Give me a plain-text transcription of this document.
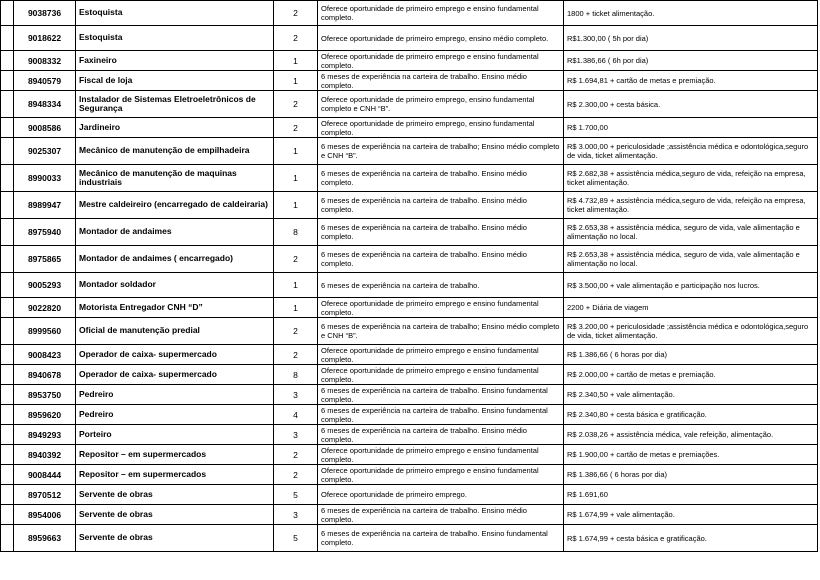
	9038736	Estoquista	2	Oferece oportunidade de primeiro emprego e ensino fundamental completo.	1800 + ticket alimentação.
	9018622	Estoquista	2	Oferece oportunidade de primeiro emprego, ensino médio completo.	R$1.300,00 ( 5h por dia)
	9008332	Faxineiro	1	Oferece oportunidade de primeiro emprego e ensino fundamental completo.	R$1.386,66 ( 6h por dia)
	8940579	Fiscal de loja	1	6 meses de experiência na carteira de trabalho. Ensino médio completo.	R$ 1.694,81 + cartão de metas e premiação.
	8948334	Instalador de Sistemas Eletroeletrônicos de Segurança	2	Oferece oportunidade de primeiro emprego, ensino fundamental completo e CNH “B”.	R$ 2.300,00 + cesta básica.
	9008586	Jardineiro	2	Oferece oportunidade de primeiro emprego, ensino fundamental completo.	R$ 1.700,00
	9025307	Mecânico de manutenção de empilhadeira	1	6 meses de experiência na carteira de trabalho; Ensino médio completo e CNH “B”.	R$ 3.000,00 + periculosidade ;assistência médica e odontológica,seguro de vida, ticket alimentação.
	8990033	Mecânico de manutenção de maquinas industriais	1	6 meses de experiência na carteira de trabalho. Ensino médio completo.	R$ 2.682,38 + assistência médica,seguro de vida, refeição na empresa, ticket alimentação.
	8989947	Mestre caldeireiro (encarregado de caldeiraria)	1	6 meses de experiência na carteira de trabalho. Ensino médio completo.	R$ 4.732,89 + assistência médica,seguro de vida, refeição na empresa, ticket alimentação.
	8975940	Montador de andaimes	8	6 meses de experiência na carteira de trabalho. Ensino médio completo.	R$ 2.653,38 + assistência médica, seguro de vida, vale alimentação e alimentação no local.
	8975865	Montador de andaimes ( encarregado)	2	6 meses de experiência na carteira de trabalho. Ensino médio completo.	R$ 2.653,38 + assistência médica, seguro de vida, vale alimentação e alimentação no local.
	9005293	Montador soldador	1	6 meses de experiência na carteira de trabalho.	R$ 3.500,00 + vale alimentação e participação nos lucros.
	9022820	Motorista Entregador CNH “D”	1	Oferece oportunidade de primeiro emprego e ensino fundamental completo.	2200 + Diária de viagem
	8999560	Oficial de manutenção predial	2	6 meses de experiência na carteira de trabalho; Ensino médio completo e CNH “B”.	R$ 3.200,00 + periculosidade ;assistência médica e odontológica,seguro de vida, ticket alimentação.
	9008423	Operador de caixa- supermercado	2	Oferece oportunidade de primeiro emprego e ensino fundamental completo.	R$ 1.386,66 ( 6 horas por dia)
	8940678	Operador de caixa- supermercado	8	Oferece oportunidade de primeiro emprego e ensino fundamental completo.	R$ 2.000,00 + cartão de metas e premiação.
	8953750	Pedreiro	3	6 meses de experiência na carteira de trabalho. Ensino fundamental completo.	R$ 2.340,50 + vale alimentação.
	8959620	Pedreiro	4	6 meses de experiência na carteira de trabalho. Ensino fundamental completo.	R$ 2.340,80 + cesta básica e gratificação.
	8949293	Porteiro	3	6 meses de experiência na carteira de trabalho. Ensino médio completo.	R$ 2.038,26 + assistência médica, vale refeição, alimentação.
	8940392	Repositor – em supermercados	2	Oferece oportunidade de primeiro emprego e ensino fundamental completo.	R$ 1.900,00 + cartão de metas e premiações.
	9008444	Repositor – em supermercados	2	Oferece oportunidade de primeiro emprego e ensino fundamental completo.	R$ 1.386,66 ( 6 horas por dia)
	8970512	Servente de obras	5	Oferece oportunidade de primeiro emprego.	R$ 1.691,60
	8954006	Servente de obras	3	6 meses de experiência na carteira de trabalho. Ensino médio completo.	R$ 1.674,99 + vale alimentação.
	8959663	Servente de obras	5	6 meses de experiência na carteira de trabalho. Ensino fundamental completo.	R$ 1.674,99 + cesta básica e gratificação.
